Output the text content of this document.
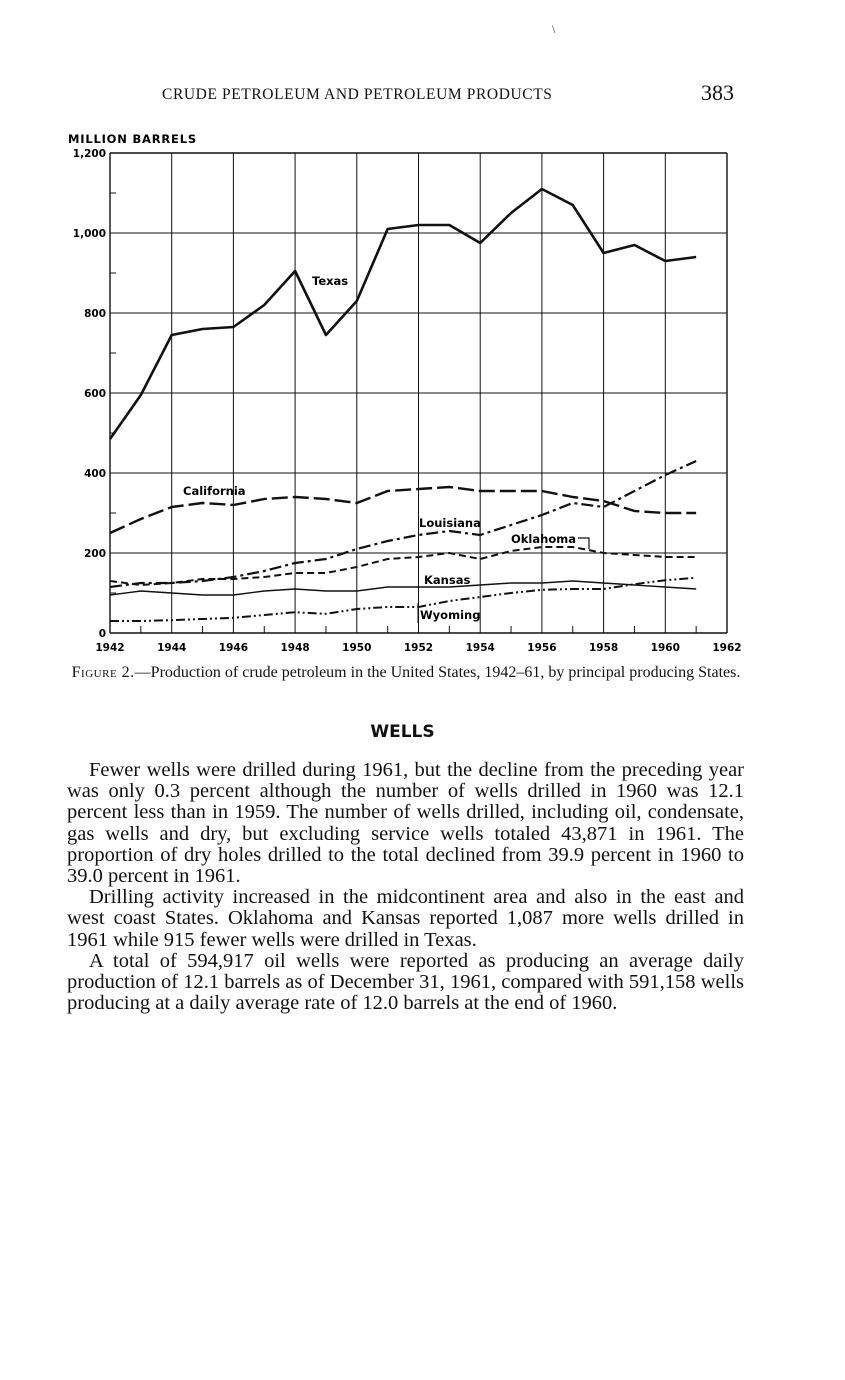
\
CRUDE PETROLEUM AND PETROLEUM PRODUCTS	383
MILLION BARRELS
1942	1944	1946	1948	1950	1952	1954	1956	1958	1960	1962
0
200
400
600
800
1,000
1,200
Texas
California
Louisiana
Oklahoma
Kansas
Wyoming
Figure 2.—Production of crude petroleum in the United States, 1942–61, by principal producing States.
WELLS

Fewer wells were drilled during 1961, but the decline from the preceding year was only 0.3 percent although the number of wells drilled in 1960 was 12.1 percent less than in 1959. The number of wells drilled, including oil, condensate, gas wells and dry, but excluding service wells totaled 43,871 in 1961. The proportion of dry holes drilled to the total declined from 39.9 percent in 1960 to 39.0 percent in 1961.

Drilling activity increased in the midcontinent area and also in the east and west coast States. Oklahoma and Kansas reported 1,087 more wells drilled in 1961 while 915 fewer wells were drilled in Texas.

A total of 594,917 oil wells were reported as producing an average daily production of 12.1 barrels as of December 31, 1961, compared with 591,158 wells producing at a daily average rate of 12.0 barrels at the end of 1960.
